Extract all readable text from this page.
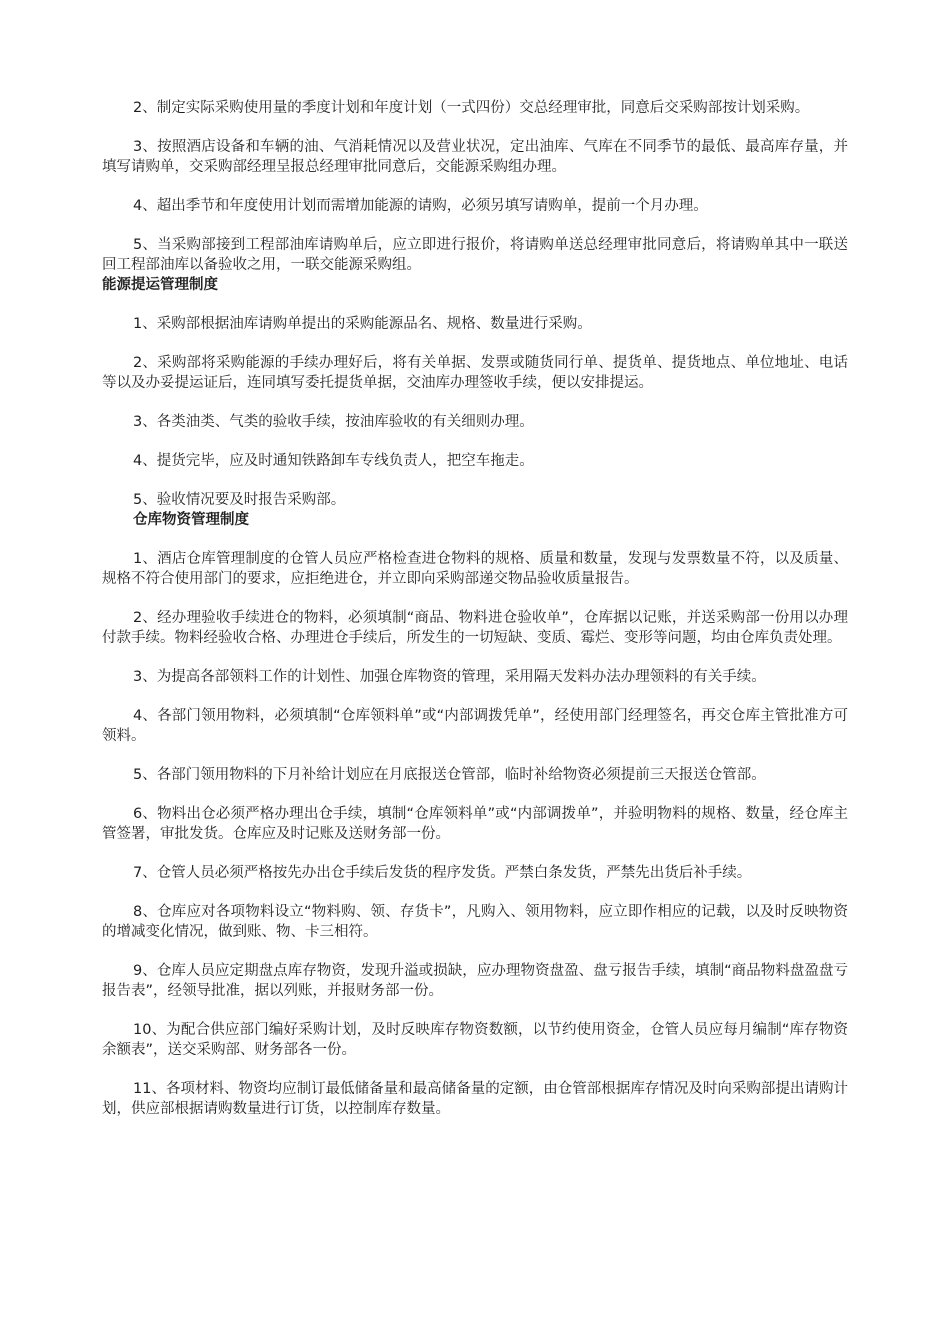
2、制定实际采购使用量的季度计划和年度计划（一式四份）交总经理审批，同意后交采购部按计划采购。

3、按照酒店设备和车辆的油、气消耗情况以及营业状况，定出油库、气库在不同季节的最低、最高库存量，并填写请购单，交采购部经理呈报总经理审批同意后，交能源采购组办理。

4、超出季节和年度使用计划而需增加能源的请购，必须另填写请购单，提前一个月办理。

5、当采购部接到工程部油库请购单后，应立即进行报价，将请购单送总经理审批同意后，将请购单其中一联送回工程部油库以备验收之用，一联交能源采购组。

能源提运管理制度

1、采购部根据油库请购单提出的采购能源品名、规格、数量进行采购。

2、采购部将采购能源的手续办理好后，将有关单据、发票或随货同行单、提货单、提货地点、单位地址、电话等以及办妥提运证后，连同填写委托提货单据，交油库办理签收手续，便以安排提运。

3、各类油类、气类的验收手续，按油库验收的有关细则办理。

4、提货完毕，应及时通知铁路卸车专线负责人，把空车拖走。

5、验收情况要及时报告采购部。

仓库物资管理制度

1、酒店仓库管理制度的仓管人员应严格检查进仓物料的规格、质量和数量，发现与发票数量不符，以及质量、规格不符合使用部门的要求，应拒绝进仓，并立即向采购部递交物品验收质量报告。

2、经办理验收手续进仓的物料，必须填制“商品、物料进仓验收单”，仓库据以记账，并送采购部一份用以办理付款手续。物料经验收合格、办理进仓手续后，所发生的一切短缺、变质、霉烂、变形等问题，均由仓库负责处理。

3、为提高各部领料工作的计划性、加强仓库物资的管理，采用隔天发料办法办理领料的有关手续。

4、各部门领用物料，必须填制“仓库领料单”或“内部调拨凭单”，经使用部门经理签名，再交仓库主管批准方可领料。

5、各部门领用物料的下月补给计划应在月底报送仓管部，临时补给物资必须提前三天报送仓管部。

6、物料出仓必须严格办理出仓手续，填制“仓库领料单”或“内部调拨单”，并验明物料的规格、数量，经仓库主管签署，审批发货。仓库应及时记账及送财务部一份。

7、仓管人员必须严格按先办出仓手续后发货的程序发货。严禁白条发货，严禁先出货后补手续。

8、仓库应对各项物料设立“物料购、领、存货卡”，凡购入、领用物料，应立即作相应的记载，以及时反映物资的增减变化情况，做到账、物、卡三相符。

9、仓库人员应定期盘点库存物资，发现升溢或损缺，应办理物资盘盈、盘亏报告手续，填制“商品物料盘盈盘亏报告表”，经领导批准，据以列账，并报财务部一份。

10、为配合供应部门编好采购计划，及时反映库存物资数额，以节约使用资金，仓管人员应每月编制“库存物资余额表”，送交采购部、财务部各一份。

11、各项材料、物资均应制订最低储备量和最高储备量的定额，由仓管部根据库存情况及时向采购部提出请购计划，供应部根据请购数量进行订货，以控制库存数量。
